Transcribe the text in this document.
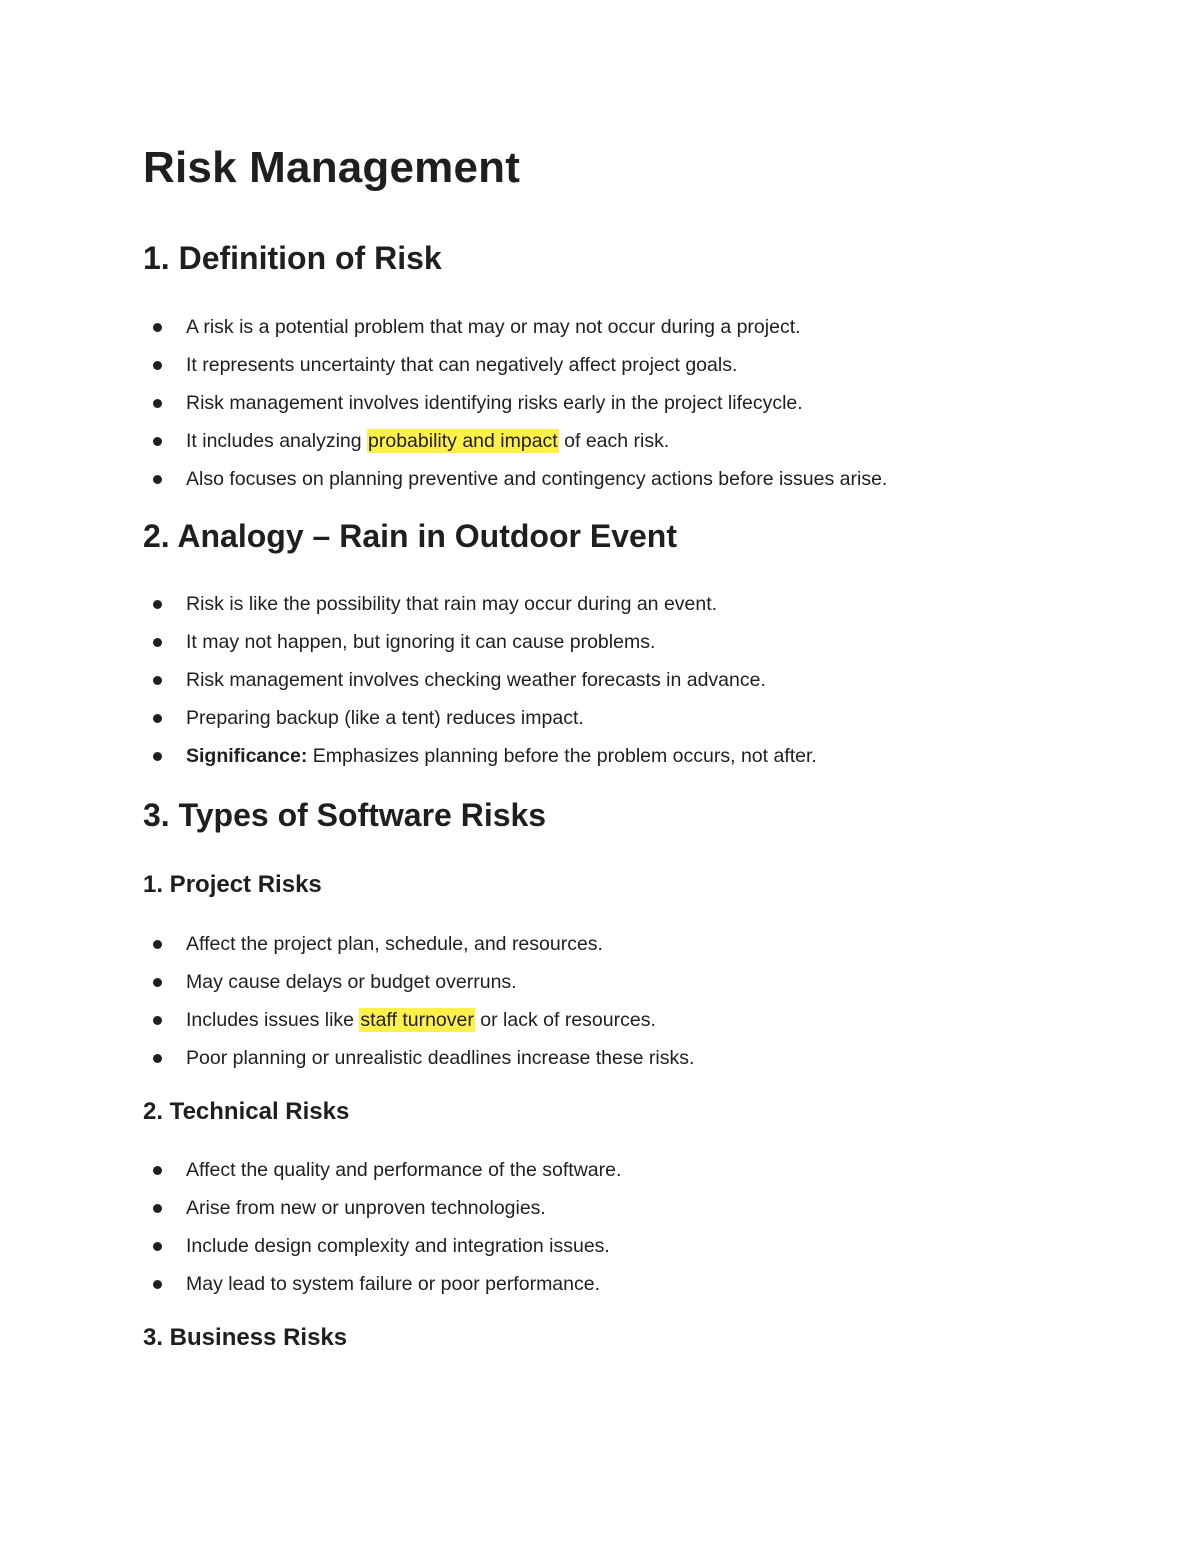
Risk Management
1. Definition of Risk
A risk is a potential problem that may or may not occur during a project.
It represents uncertainty that can negatively affect project goals.
Risk management involves identifying risks early in the project lifecycle.
It includes analyzing probability and impact of each risk.
Also focuses on planning preventive and contingency actions before issues arise.
2. Analogy – Rain in Outdoor Event
Risk is like the possibility that rain may occur during an event.
It may not happen, but ignoring it can cause problems.
Risk management involves checking weather forecasts in advance.
Preparing backup (like a tent) reduces impact.
Significance: Emphasizes planning before the problem occurs, not after.
3. Types of Software Risks
1. Project Risks
Affect the project plan, schedule, and resources.
May cause delays or budget overruns.
Includes issues like staff turnover or lack of resources.
Poor planning or unrealistic deadlines increase these risks.
2. Technical Risks
Affect the quality and performance of the software.
Arise from new or unproven technologies.
Include design complexity and integration issues.
May lead to system failure or poor performance.
3. Business Risks
